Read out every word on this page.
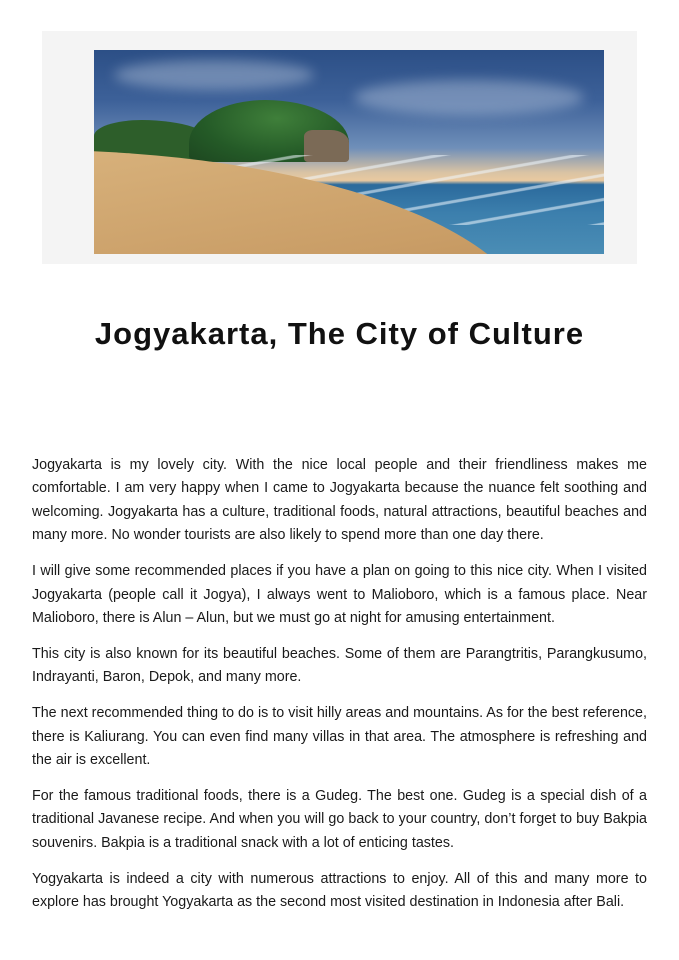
Jogyakarta, The City of Culture

Jogyakarta is my lovely city. With the nice local people and their friendliness makes me comfortable. I am very happy when I came to Jogyakarta because the nuance felt soothing and welcoming. Jogyakarta has a culture, traditional foods, natural attractions, beautiful beaches and many more. No wonder tourists are also likely to spend more than one day there.

I will give some recommended places if you have a plan on going to this nice city. When I visited Jogyakarta (people call it Jogya), I always went to Malioboro, which is a famous place. Near Malioboro, there is Alun – Alun, but we must go at night for amusing entertainment.

This city is also known for its beautiful beaches. Some of them are Parangtritis, Parangkusumo, Indrayanti, Baron, Depok, and many more.

The next recommended thing to do is to visit hilly areas and mountains. As for the best reference, there is Kaliurang. You can even find many villas in that area. The atmosphere is refreshing and the air is excellent.

For the famous traditional foods, there is a Gudeg. The best one. Gudeg is a special dish of a traditional Javanese recipe. And when you will go back to your country, don’t forget to buy Bakpia souvenirs. Bakpia is a traditional snack with a lot of enticing tastes.

Yogyakarta is indeed a city with numerous attractions to enjoy. All of this and many more to explore has brought Yogyakarta as the second most visited destination in Indonesia after Bali.
